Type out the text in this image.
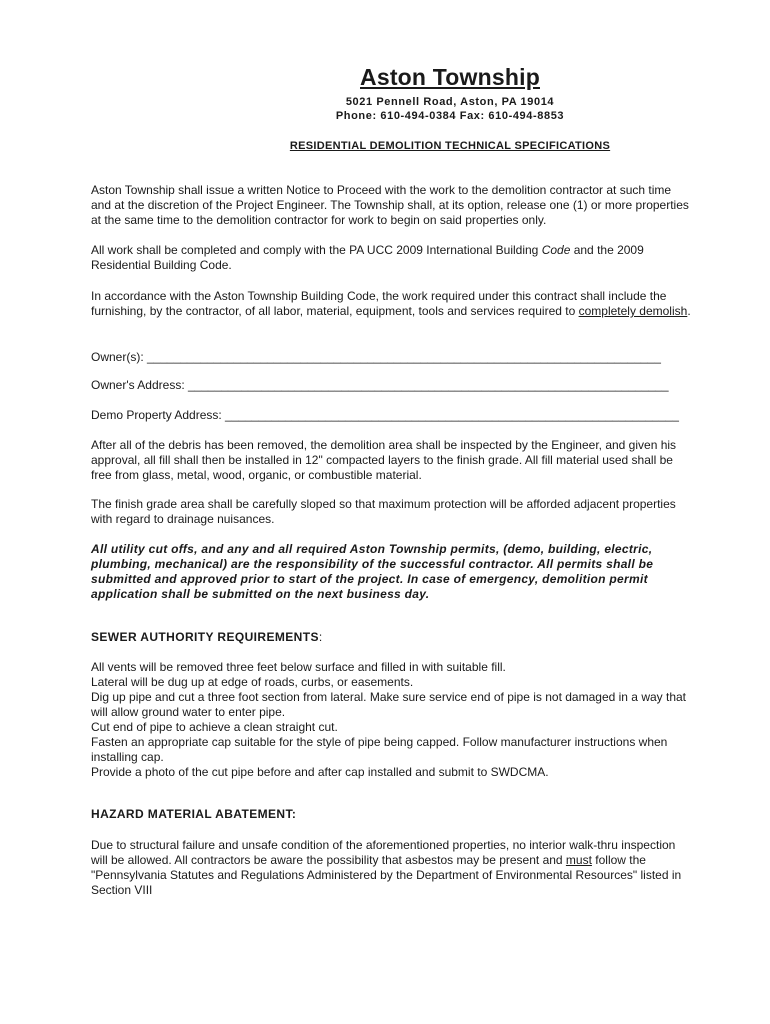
Aston Township
5021 Pennell Road, Aston, PA 19014
Phone: 610-494-0384 Fax: 610-494-8853
RESIDENTIAL DEMOLITION TECHNICAL SPECIFICATIONS

Aston Township shall issue a written Notice to Proceed with the work to the demolition contractor at such time and at the discretion of the Project Engineer. The Township shall, at its option, release one (1) or more properties at the same time to the demolition contractor for work to begin on said properties only.

All work shall be completed and comply with the PA UCC 2009 International Building Code and the 2009 Residential Building Code.

In accordance with the Aston Township Building Code, the work required under this contract shall include the furnishing, by the contractor, of all labor, material, equipment, tools and services required to completely demolish.

Owner(s): _____________________________________________________________________________
Owner's Address: ________________________________________________________________________
Demo Property Address: ____________________________________________________________________

After all of the debris has been removed, the demolition area shall be inspected by the Engineer, and given his approval, all fill shall then be installed in 12" compacted layers to the finish grade. All fill material used shall be free from glass, metal, wood, organic, or combustible material.

The finish grade area shall be carefully sloped so that maximum protection will be afforded adjacent properties with regard to drainage nuisances.

All utility cut offs, and any and all required Aston Township permits, (demo, building, electric, plumbing, mechanical) are the responsibility of the successful contractor. All permits shall be submitted and approved prior to start of the project. In case of emergency, demolition permit application shall be submitted on the next business day.

SEWER AUTHORITY REQUIREMENTS:

All vents will be removed three feet below surface and filled in with suitable fill.

Lateral will be dug up at edge of roads, curbs, or easements.

Dig up pipe and cut a three foot section from lateral. Make sure service end of pipe is not damaged in a way that will allow ground water to enter pipe.

Cut end of pipe to achieve a clean straight cut.

Fasten an appropriate cap suitable for the style of pipe being capped. Follow manufacturer instructions when installing cap.

Provide a photo of the cut pipe before and after cap installed and submit to SWDCMA.

HAZARD MATERIAL ABATEMENT:

Due to structural failure and unsafe condition of the aforementioned properties, no interior walk-thru inspection will be allowed. All contractors be aware the possibility that asbestos may be present and must follow the "Pennsylvania Statutes and Regulations Administered by the Department of Environmental Resources" listed in Section VIII
